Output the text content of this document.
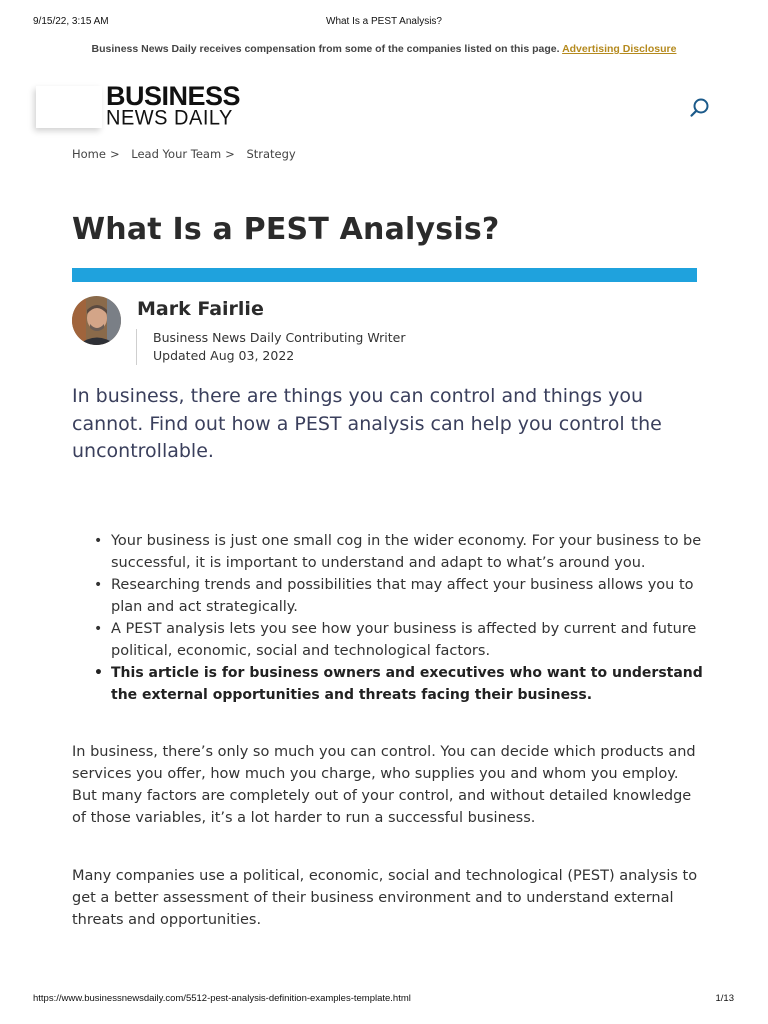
9/15/22, 3:15 AM	What Is a PEST Analysis?
Business News Daily receives compensation from some of the companies listed on this page. Advertising Disclosure
BUSINESS
NEWS DAILY
Home > Lead Your Team > Strategy
What Is a PEST Analysis?
Mark Fairlie
Business News Daily Contributing Writer
Updated Aug 03, 2022

In business, there are things you can control and things you cannot. Find out how a PEST analysis can help you control the uncontrollable.

• Your business is just one small cog in the wider economy. For your business to be successful, it is important to understand and adapt to what’s around you.
• Researching trends and possibilities that may affect your business allows you to plan and act strategically.
• A PEST analysis lets you see how your business is affected by current and future political, economic, social and technological factors.
• This article is for business owners and executives who want to understand the external opportunities and threats facing their business.

In business, there’s only so much you can control. You can decide which products and services you offer, how much you charge, who supplies you and whom you employ. But many factors are completely out of your control, and without detailed knowledge of those variables, it’s a lot harder to run a successful business.

Many companies use a political, economic, social and technological (PEST) analysis to get a better assessment of their business environment and to understand external threats and opportunities.

https://www.businessnewsdaily.com/5512-pest-analysis-definition-examples-template.html	1/13
